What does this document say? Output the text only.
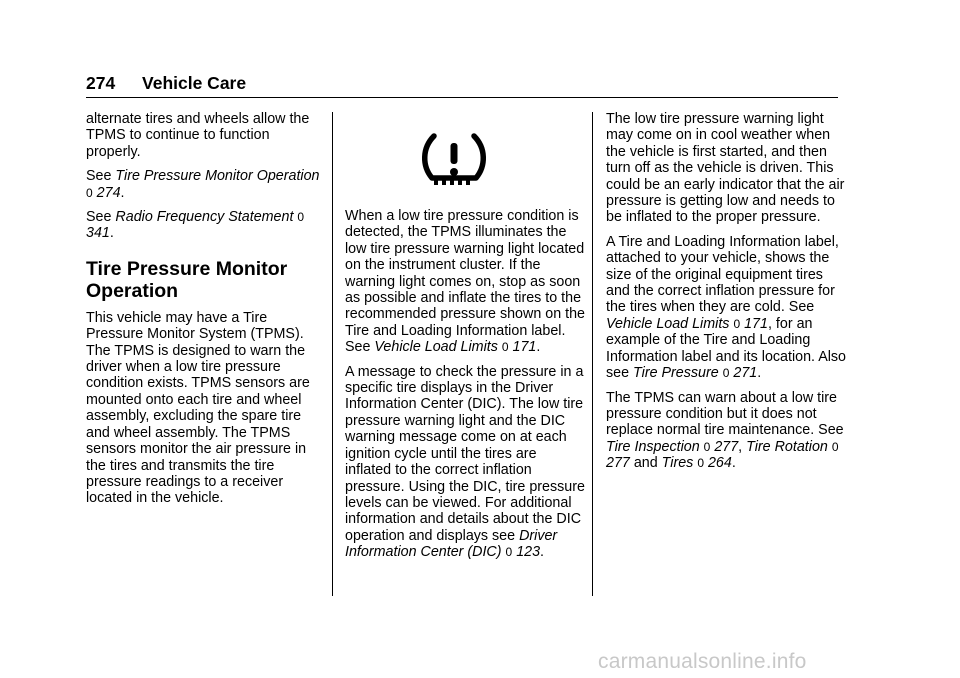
274 Vehicle Care

alternate tires and wheels allow the TPMS to continue to function properly.

See Tire Pressure Monitor Operation 0 274.

See Radio Frequency Statement 0 341.

Tire Pressure Monitor Operation

This vehicle may have a Tire Pressure Monitor System (TPMS). The TPMS is designed to warn the driver when a low tire pressure condition exists. TPMS sensors are mounted onto each tire and wheel assembly, excluding the spare tire and wheel assembly. The TPMS sensors monitor the air pressure in the tires and transmits the tire pressure readings to a receiver located in the vehicle.

When a low tire pressure condition is detected, the TPMS illuminates the low tire pressure warning light located on the instrument cluster. If the warning light comes on, stop as soon as possible and inflate the tires to the recommended pressure shown on the Tire and Loading Information label. See Vehicle Load Limits 0 171.

A message to check the pressure in a specific tire displays in the Driver Information Center (DIC). The low tire pressure warning light and the DIC warning message come on at each ignition cycle until the tires are inflated to the correct inflation pressure. Using the DIC, tire pressure levels can be viewed. For additional information and details about the DIC operation and displays see Driver Information Center (DIC) 0 123.

The low tire pressure warning light may come on in cool weather when the vehicle is first started, and then turn off as the vehicle is driven. This could be an early indicator that the air pressure is getting low and needs to be inflated to the proper pressure.

A Tire and Loading Information label, attached to your vehicle, shows the size of the original equipment tires and the correct inflation pressure for the tires when they are cold. See Vehicle Load Limits 0 171, for an example of the Tire and Loading Information label and its location. Also see Tire Pressure 0 271.

The TPMS can warn about a low tire pressure condition but it does not replace normal tire maintenance. See Tire Inspection 0 277, Tire Rotation 0 277 and Tires 0 264.

carmanualsonline.info
